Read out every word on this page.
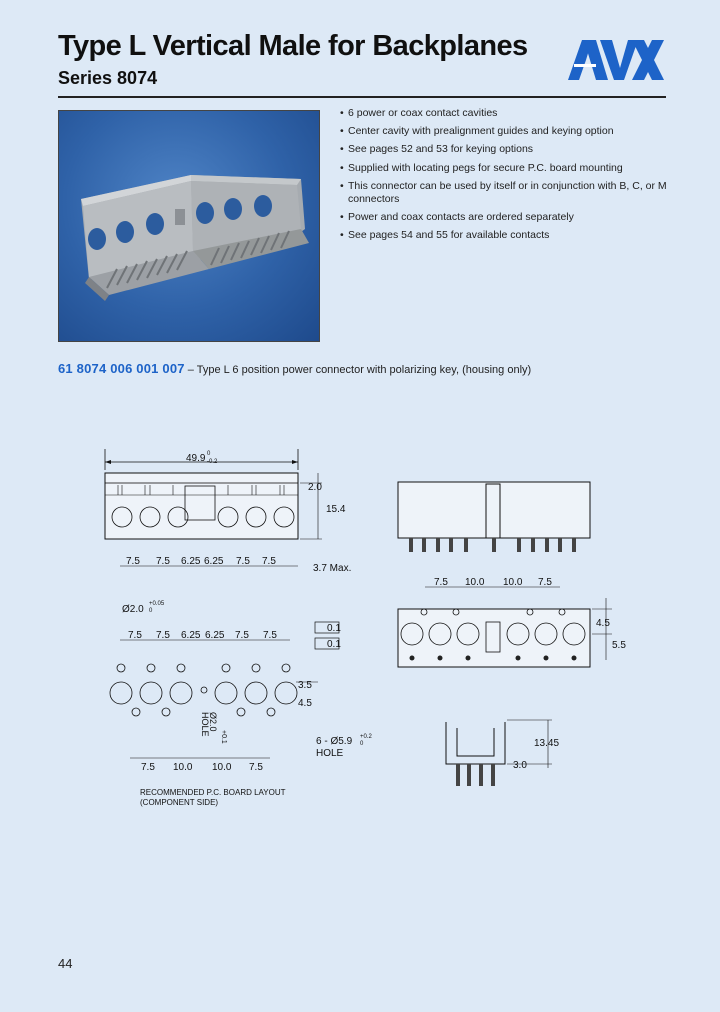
Type L Vertical Male for Backplanes
Series 8074
• 6 power or coax contact cavities
• Center cavity with prealignment guides and keying option
• See pages 52 and 53 for keying options
• Supplied with locating pegs for secure P.C. board mounting
• This connector can be used by itself or in conjunction with B, C, or M connectors
• Power and coax contacts are ordered separately
• See pages 54 and 55 for available contacts
61 8074 006 001 007 – Type L 6 position power connector with polarizing key, (housing only)
49.9 0
-0.2
2.0
15.4
7.5 7.5 6.25 6.25 7.5 7.5
3.7 Max.
7.5 10.0 10.0 7.5
4.5
5.5
Ø2.0 +0.05
0
7.5 7.5 6.25 6.25 7.5 7.5
0.1
0.1
3.5
4.5
Ø2.0
+0.1
HOLE
6 - Ø5.9 +0.2
0
HOLE
7.5 10.0 10.0 7.5
RECOMMENDED P.C. BOARD LAYOUT
(COMPONENT SIDE)
13.45
3.0
44
